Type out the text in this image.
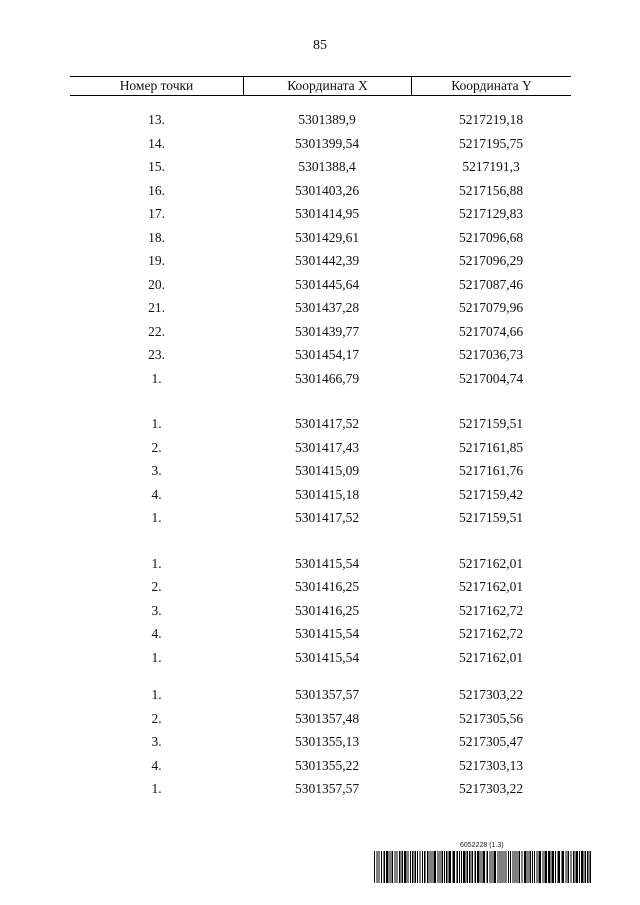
85
Номер точки	Координата X	Координата Y
13.	5301389,9	5217219,18
14.	5301399,54	5217195,75
15.	5301388,4	5217191,3
16.	5301403,26	5217156,88
17.	5301414,95	5217129,83
18.	5301429,61	5217096,68
19.	5301442,39	5217096,29
20.	5301445,64	5217087,46
21.	5301437,28	5217079,96
22.	5301439,77	5217074,66
23.	5301454,17	5217036,73
1.	5301466,79	5217004,74
1.	5301417,52	5217159,51
2.	5301417,43	5217161,85
3.	5301415,09	5217161,76
4.	5301415,18	5217159,42
1.	5301417,52	5217159,51
1.	5301415,54	5217162,01
2.	5301416,25	5217162,01
3.	5301416,25	5217162,72
4.	5301415,54	5217162,72
1.	5301415,54	5217162,01
1.	5301357,57	5217303,22
2.	5301357,48	5217305,56
3.	5301355,13	5217305,47
4.	5301355,22	5217303,13
1.	5301357,57	5217303,22
6052228 (1.3)
